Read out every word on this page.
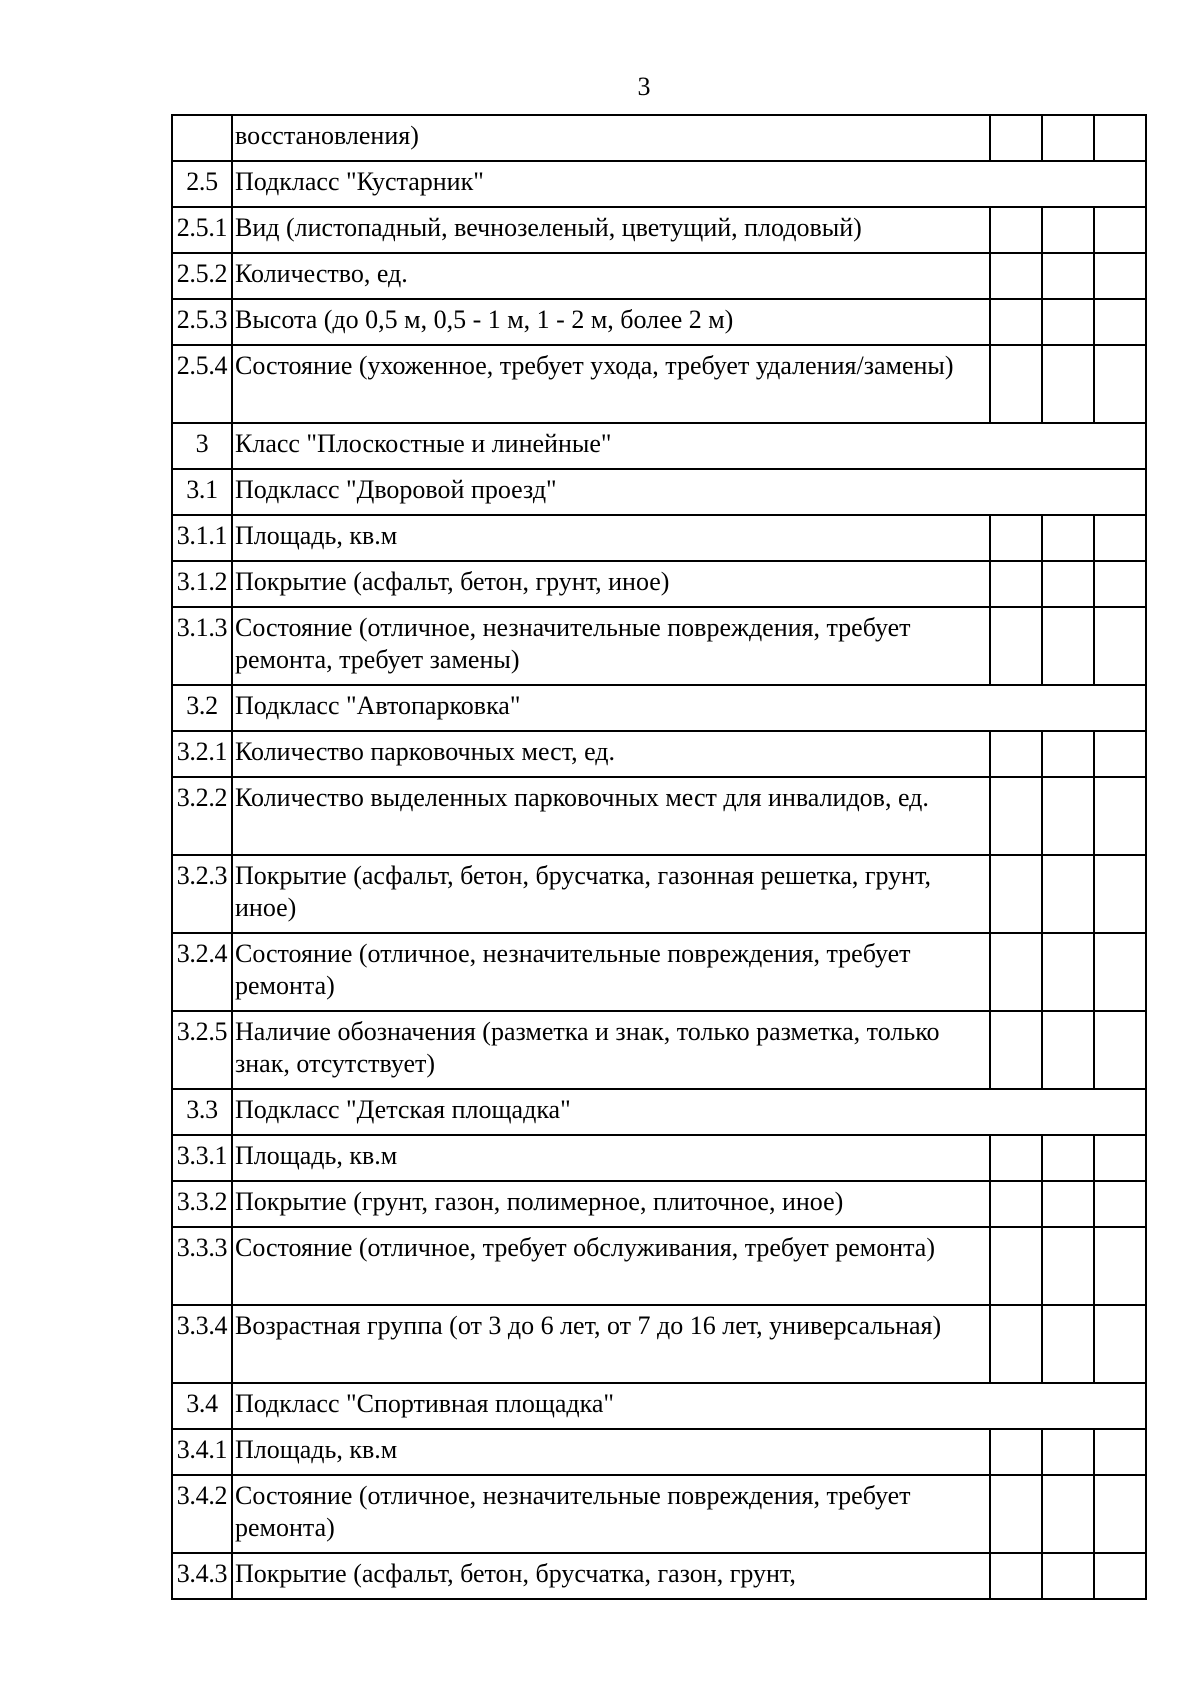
3
	восстановления)			
2.5	Подкласс "Кустарник"			
2.5.1	Вид (листопадный, вечнозеленый, цветущий, плодовый)			
2.5.2	Количество, ед.			
2.5.3	Высота (до 0,5 м, 0,5 - 1 м, 1 - 2 м, более 2 м)			
2.5.4	Состояние (ухоженное, требует ухода, требует удаления/замены)			
3	Класс "Плоскостные и линейные"			
3.1	Подкласс "Дворовой проезд"			
3.1.1	Площадь, кв.м			
3.1.2	Покрытие (асфальт, бетон, грунт, иное)			
3.1.3	Состояние (отличное, незначительные повреждения, требует ремонта, требует замены)			
3.2	Подкласс "Автопарковка"			
3.2.1	Количество парковочных мест, ед.			
3.2.2	Количество выделенных парковочных мест для инвалидов, ед.			
3.2.3	Покрытие (асфальт, бетон, брусчатка, газонная решетка, грунт, иное)			
3.2.4	Состояние (отличное, незначительные повреждения, требует ремонта)			
3.2.5	Наличие обозначения (разметка и знак, только разметка, только знак, отсутствует)			
3.3	Подкласс "Детская площадка"			
3.3.1	Площадь, кв.м			
3.3.2	Покрытие (грунт, газон, полимерное, плиточное, иное)			
3.3.3	Состояние (отличное, требует обслуживания, требует ремонта)			
3.3.4	Возрастная группа (от 3 до 6 лет, от 7 до 16 лет, универсальная)			
3.4	Подкласс "Спортивная площадка"			
3.4.1	Площадь, кв.м			
3.4.2	Состояние (отличное, незначительные повреждения, требует ремонта)			
3.4.3	Покрытие (асфальт, бетон, брусчатка, газон, грунт,			
